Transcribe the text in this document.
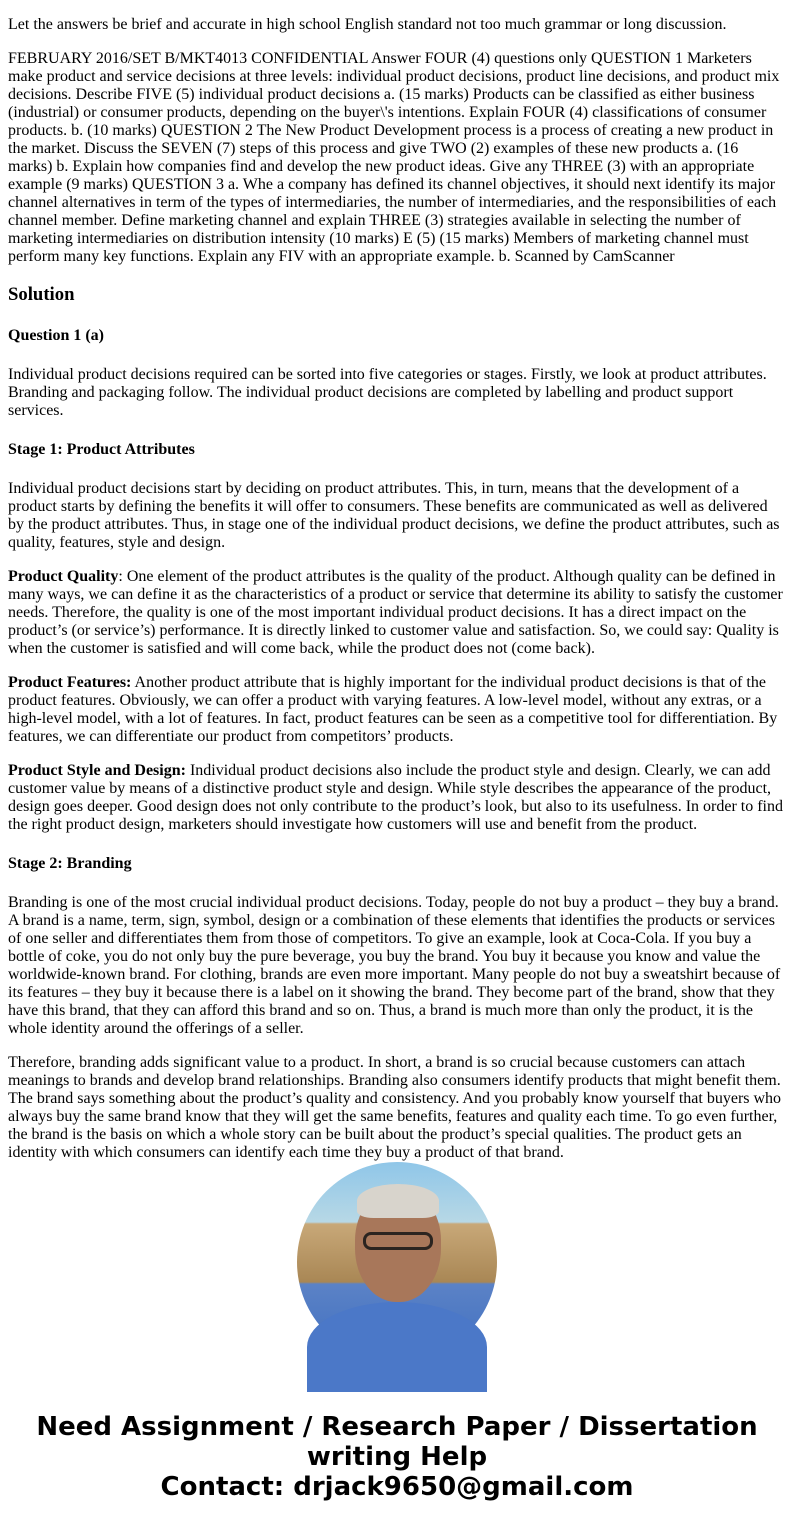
Let the answers be brief and accurate in high school English standard not too much grammar or long discussion.

FEBRUARY 2016/SET B/MKT4013 CONFIDENTIAL Answer FOUR (4) questions only QUESTION 1 Marketers make product and service decisions at three levels: individual product decisions, product line decisions, and product mix decisions. Describe FIVE (5) individual product decisions a. (15 marks) Products can be classified as either business (industrial) or consumer products, depending on the buyer\'s intentions. Explain FOUR (4) classifications of consumer products. b. (10 marks) QUESTION 2 The New Product Development process is a process of creating a new product in the market. Discuss the SEVEN (7) steps of this process and give TWO (2) examples of these new products a. (16 marks) b. Explain how companies find and develop the new product ideas. Give any THREE (3) with an appropriate example (9 marks) QUESTION 3 a. Whe a company has defined its channel objectives, it should next identify its major channel alternatives in term of the types of intermediaries, the number of intermediaries, and the responsibilities of each channel member. Define marketing channel and explain THREE (3) strategies available in selecting the number of marketing intermediaries on distribution intensity (10 marks) E (5) (15 marks) Members of marketing channel must perform many key functions. Explain any FIV with an appropriate example. b. Scanned by CamScanner

Solution
Question 1 (a)

Individual product decisions required can be sorted into five categories or stages. Firstly, we look at product attributes. Branding and packaging follow. The individual product decisions are completed by labelling and product support services.

Stage 1: Product Attributes

Individual product decisions start by deciding on product attributes. This, in turn, means that the development of a product starts by defining the benefits it will offer to consumers. These benefits are communicated as well as delivered by the product attributes. Thus, in stage one of the individual product decisions, we define the product attributes, such as quality, features, style and design.

Product Quality: One element of the product attributes is the quality of the product. Although quality can be defined in many ways, we can define it as the characteristics of a product or service that determine its ability to satisfy the customer needs. Therefore, the quality is one of the most important individual product decisions. It has a direct impact on the product’s (or service’s) performance. It is directly linked to customer value and satisfaction. So, we could say: Quality is when the customer is satisfied and will come back, while the product does not (come back).

Product Features: Another product attribute that is highly important for the individual product decisions is that of the product features. Obviously, we can offer a product with varying features. A low-level model, without any extras, or a high-level model, with a lot of features. In fact, product features can be seen as a competitive tool for differentiation. By features, we can differentiate our product from competitors’ products.

Product Style and Design: Individual product decisions also include the product style and design. Clearly, we can add customer value by means of a distinctive product style and design. While style describes the appearance of the product, design goes deeper. Good design does not only contribute to the product’s look, but also to its usefulness. In order to find the right product design, marketers should investigate how customers will use and benefit from the product.

Stage 2: Branding

Branding is one of the most crucial individual product decisions. Today, people do not buy a product – they buy a brand. A brand is a name, term, sign, symbol, design or a combination of these elements that identifies the products or services of one seller and differentiates them from those of competitors. To give an example, look at Coca-Cola. If you buy a bottle of coke, you do not only buy the pure beverage, you buy the brand. You buy it because you know and value the worldwide-known brand. For clothing, brands are even more important. Many people do not buy a sweatshirt because of its features – they buy it because there is a label on it showing the brand. They become part of the brand, show that they have this brand, that they can afford this brand and so on. Thus, a brand is much more than only the product, it is the whole identity around the offerings of a seller.

Therefore, branding adds significant value to a product. In short, a brand is so crucial because customers can attach meanings to brands and develop brand relationships. Branding also consumers identify products that might benefit them. The brand says something about the product’s quality and consistency. And you probably know yourself that buyers who always buy the same brand know that they will get the same benefits, features and quality each time. To go even further, the brand is the basis on which a whole story can be built about the product’s special qualities. The product gets an identity with which consumers can identify each time they buy a product of that brand.

Need Assignment / Research Paper / Dissertation writing Help
Contact: drjack9650@gmail.com
